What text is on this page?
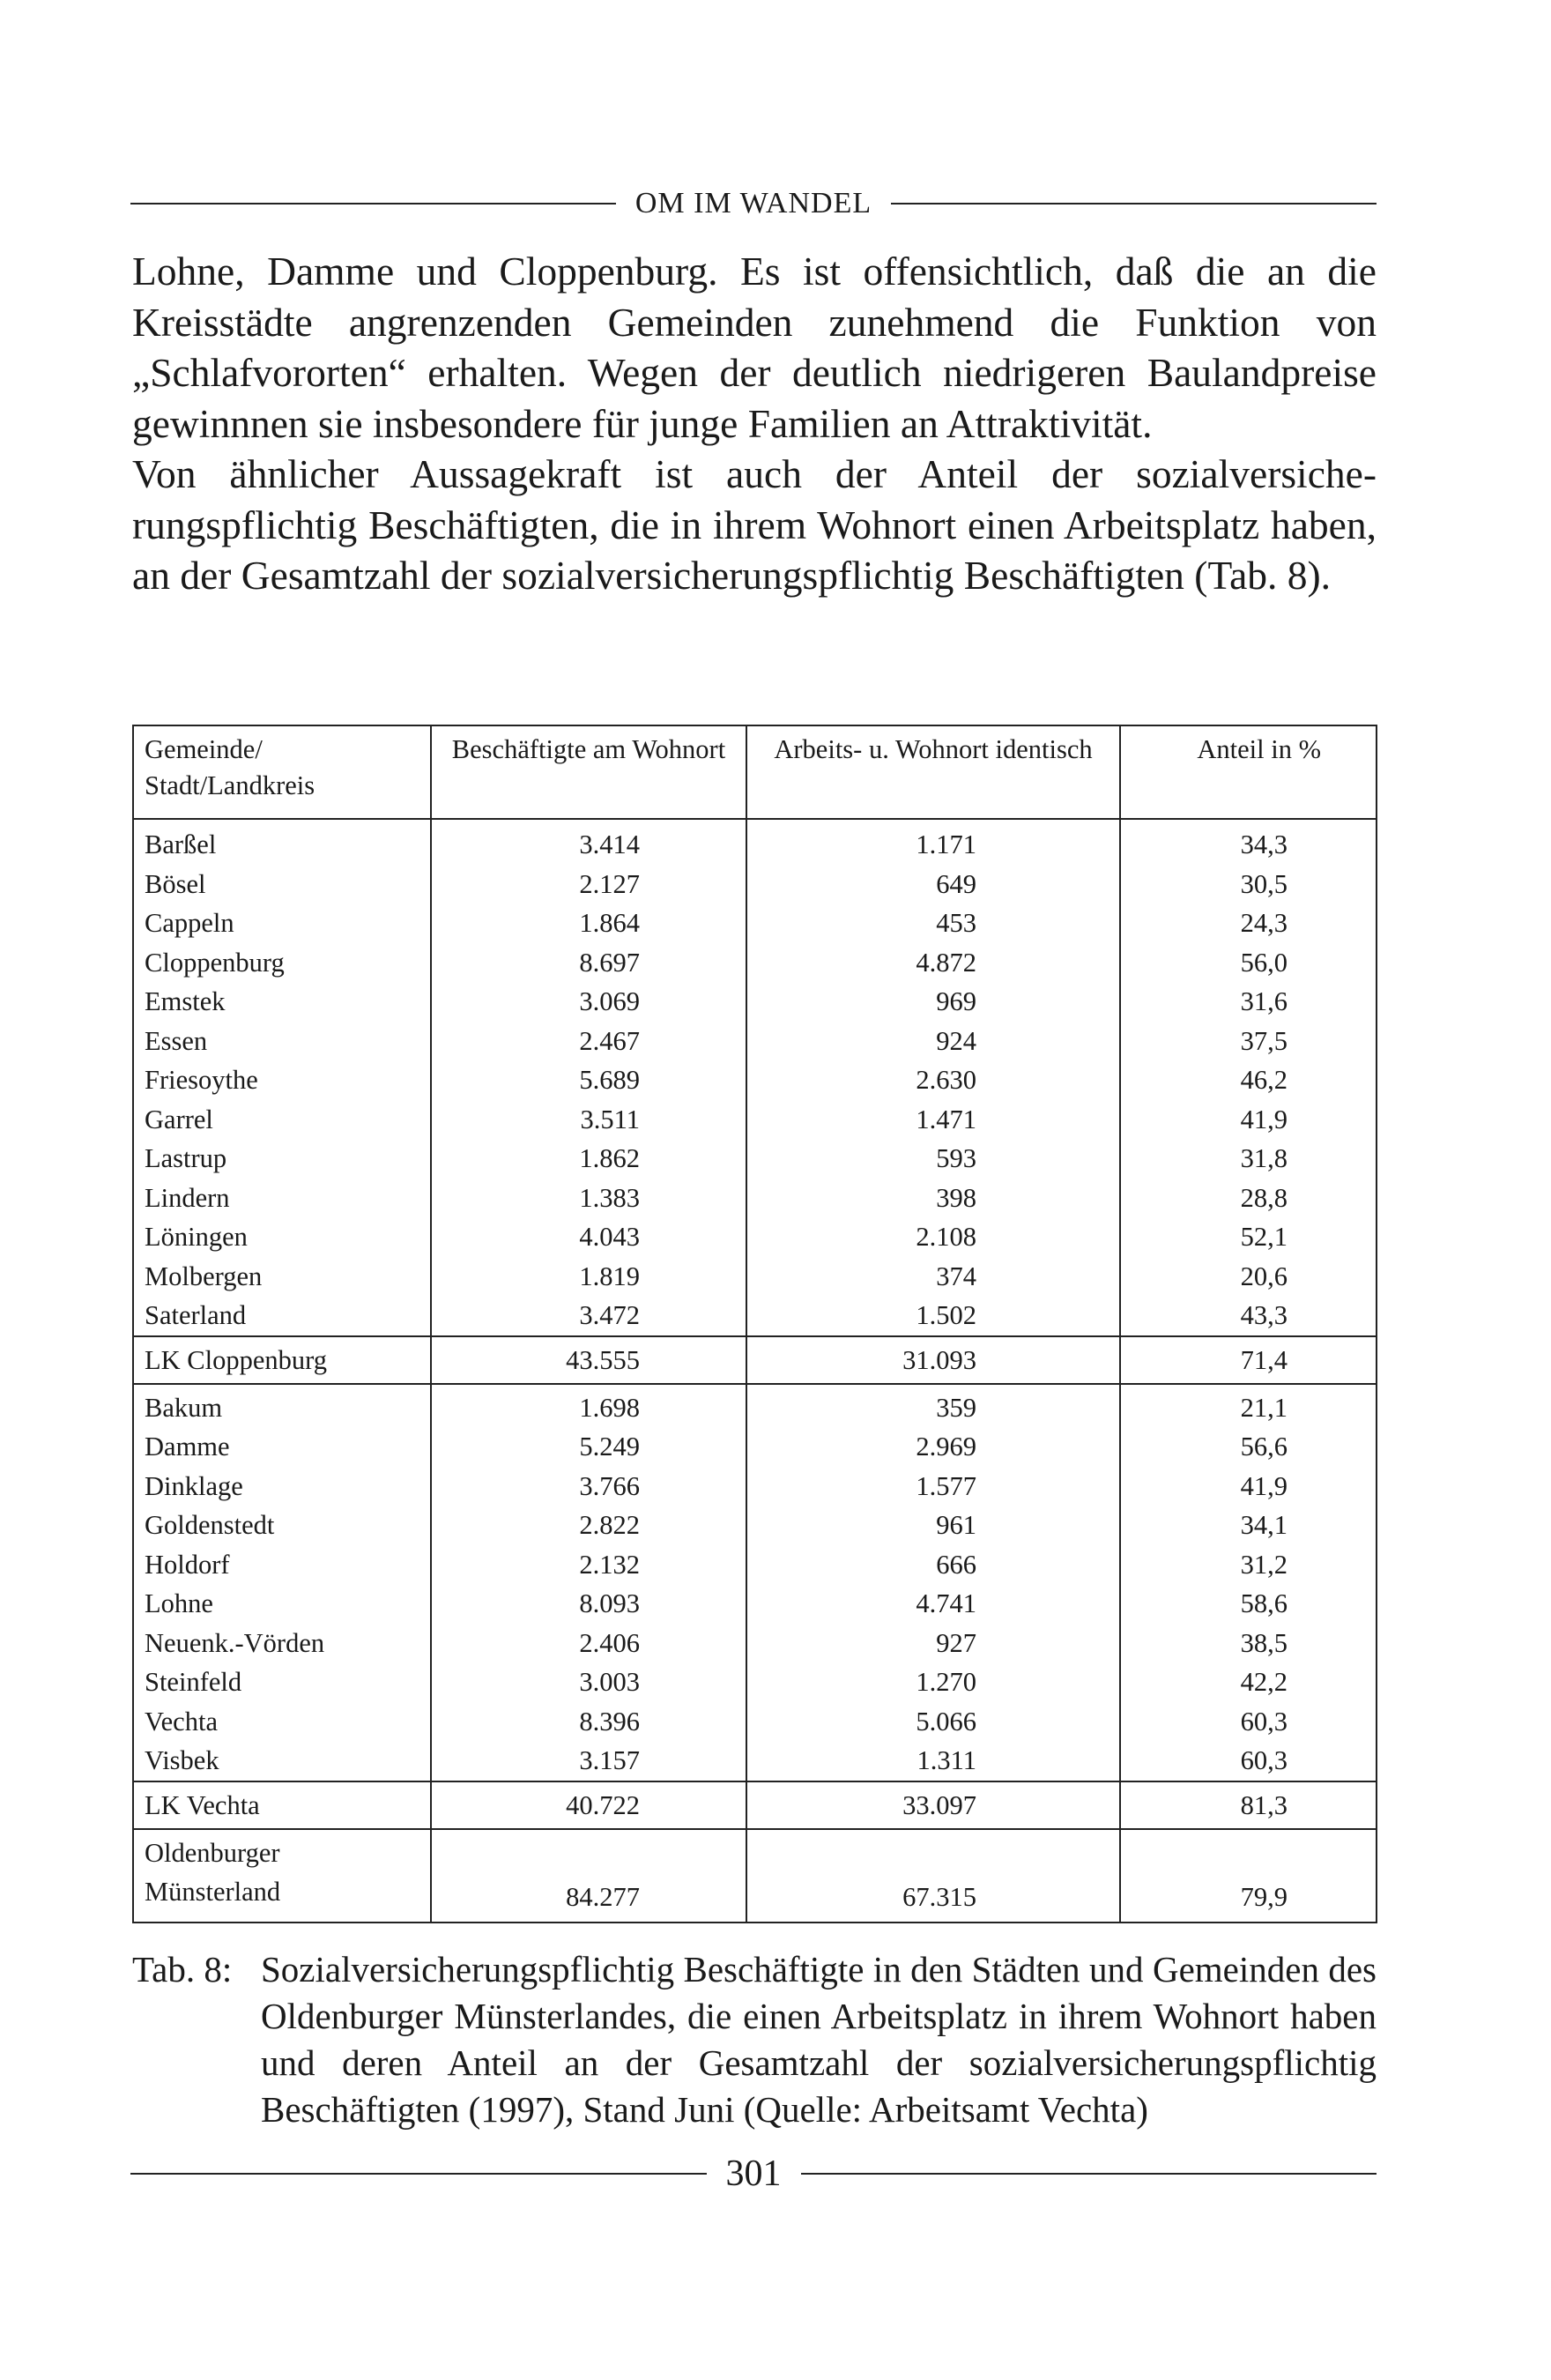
OM IM WANDEL

Lohne, Damme und Cloppenburg. Es ist offensichtlich, daß die an die Kreisstädte angrenzenden Gemeinden zunehmend die Funktion von „Schlafvororten“ erhalten. Wegen der deutlich niedrigeren Baulandpreise gewinnnen sie insbesondere für junge Familien an Attraktivität.

Von ähnlicher Aussagekraft ist auch der Anteil der sozialversicherungspflichtig Beschäftigten, die in ihrem Wohnort einen Arbeitsplatz haben, an der Gesamtzahl der sozialversicherungspflichtig Beschäftigten (Tab. 8).

Gemeinde/ Stadt/Landkreis	Beschäftigte am Wohnort	Arbeits- u. Wohnort identisch	Anteil in %
Barßel	3.414	1.171	34,3
Bösel	2.127	649	30,5
Cappeln	1.864	453	24,3
Cloppenburg	8.697	4.872	56,0
Emstek	3.069	969	31,6
Essen	2.467	924	37,5
Friesoythe	5.689	2.630	46,2
Garrel	3.511	1.471	41,9
Lastrup	1.862	593	31,8
Lindern	1.383	398	28,8
Löningen	4.043	2.108	52,1
Molbergen	1.819	374	20,6
Saterland	3.472	1.502	43,3
LK Cloppenburg	43.555	31.093	71,4
Bakum	1.698	359	21,1
Damme	5.249	2.969	56,6
Dinklage	3.766	1.577	41,9
Goldenstedt	2.822	961	34,1
Holdorf	2.132	666	31,2
Lohne	8.093	4.741	58,6
Neuenk.-Vörden	2.406	927	38,5
Steinfeld	3.003	1.270	42,2
Vechta	8.396	5.066	60,3
Visbek	3.157	1.311	60,3
LK Vechta	40.722	33.097	81,3
Oldenburger Münsterland	84.277	67.315	79,9
Tab. 8: Sozialversicherungspflichtig Beschäftigte in den Städten und Gemeinden des Oldenburger Münsterlandes, die einen Arbeitsplatz in ihrem Wohnort haben und deren Anteil an der Gesamtzahl der sozialversicherungspflichtig Beschäftigten (1997), Stand Juni (Quelle: Arbeitsamt Vechta)
301
